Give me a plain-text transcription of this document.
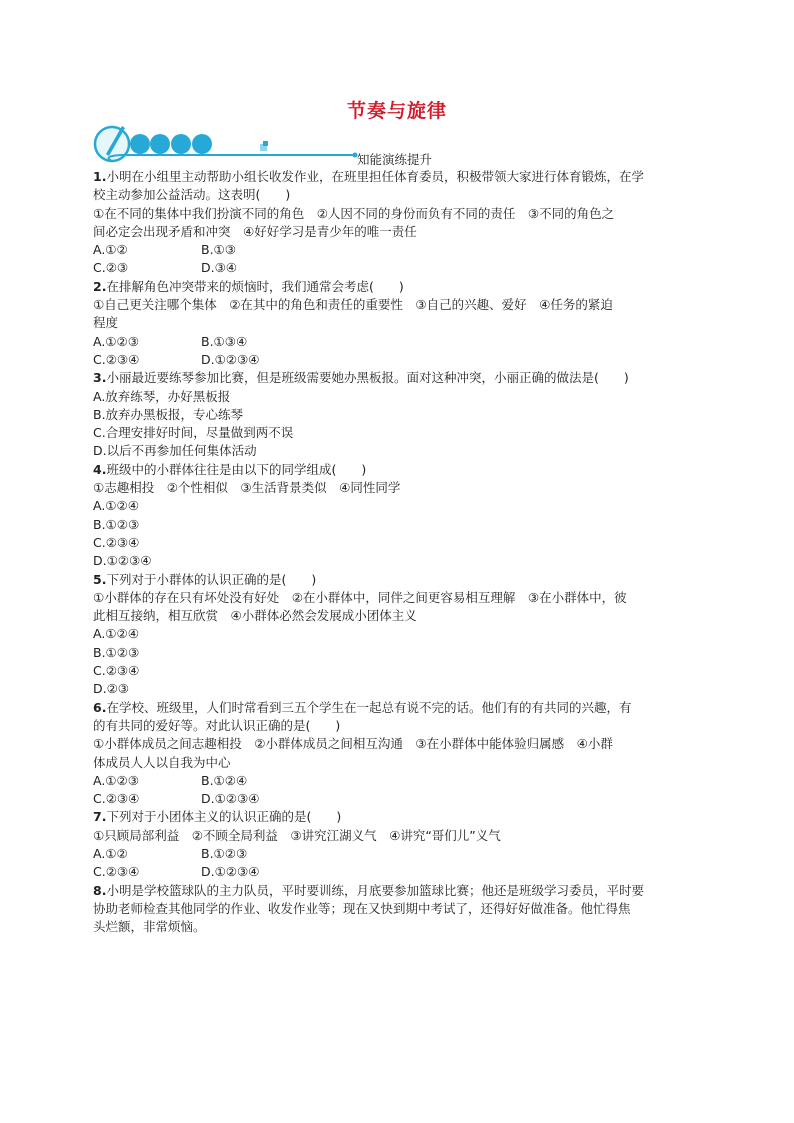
节奏与旋律
知能演练提升
1.小明在小组里主动帮助小组长收发作业，在班里担任体育委员，积极带领大家进行体育锻炼，在学
校主动参加公益活动。这表明(　　)
①在不同的集体中我们扮演不同的角色　②人因不同的身份而负有不同的责任　③不同的角色之
间必定会出现矛盾和冲突　④好好学习是青少年的唯一责任
A.①②	B.①③
C.②③	D.③④
2.在排解角色冲突带来的烦恼时，我们通常会考虑(　　)
①自己更关注哪个集体　②在其中的角色和责任的重要性　③自己的兴趣、爱好　④任务的紧迫
程度
A.①②③	B.①③④
C.②③④	D.①②③④
3.小丽最近要练琴参加比赛，但是班级需要她办黑板报。面对这种冲突，小丽正确的做法是(　　)
A.放弃练琴，办好黑板报
B.放弃办黑板报，专心练琴
C.合理安排好时间，尽量做到两不误
D.以后不再参加任何集体活动
4.班级中的小群体往往是由以下的同学组成(　　)
①志趣相投　②个性相似　③生活背景类似　④同性同学
A.①②④
B.①②③
C.②③④
D.①②③④
5.下列对于小群体的认识正确的是(　　)
①小群体的存在只有坏处没有好处　②在小群体中，同伴之间更容易相互理解　③在小群体中，彼
此相互接纳，相互欣赏　④小群体必然会发展成小团体主义
A.①②④
B.①②③
C.②③④
D.②③
6.在学校、班级里，人们时常看到三五个学生在一起总有说不完的话。他们有的有共同的兴趣，有
的有共同的爱好等。对此认识正确的是(　　)
①小群体成员之间志趣相投　②小群体成员之间相互沟通　③在小群体中能体验归属感　④小群
体成员人人以自我为中心
A.①②③	B.①②④
C.②③④	D.①②③④
7.下列对于小团体主义的认识正确的是(　　)
①只顾局部利益　②不顾全局利益　③讲究江湖义气　④讲究“哥们儿”义气
A.①②	B.①②③
C.②③④	D.①②③④
8.小明是学校篮球队的主力队员，平时要训练，月底要参加篮球比赛；他还是班级学习委员，平时要
协助老师检查其他同学的作业、收发作业等；现在又快到期中考试了，还得好好做准备。他忙得焦
头烂额，非常烦恼。
